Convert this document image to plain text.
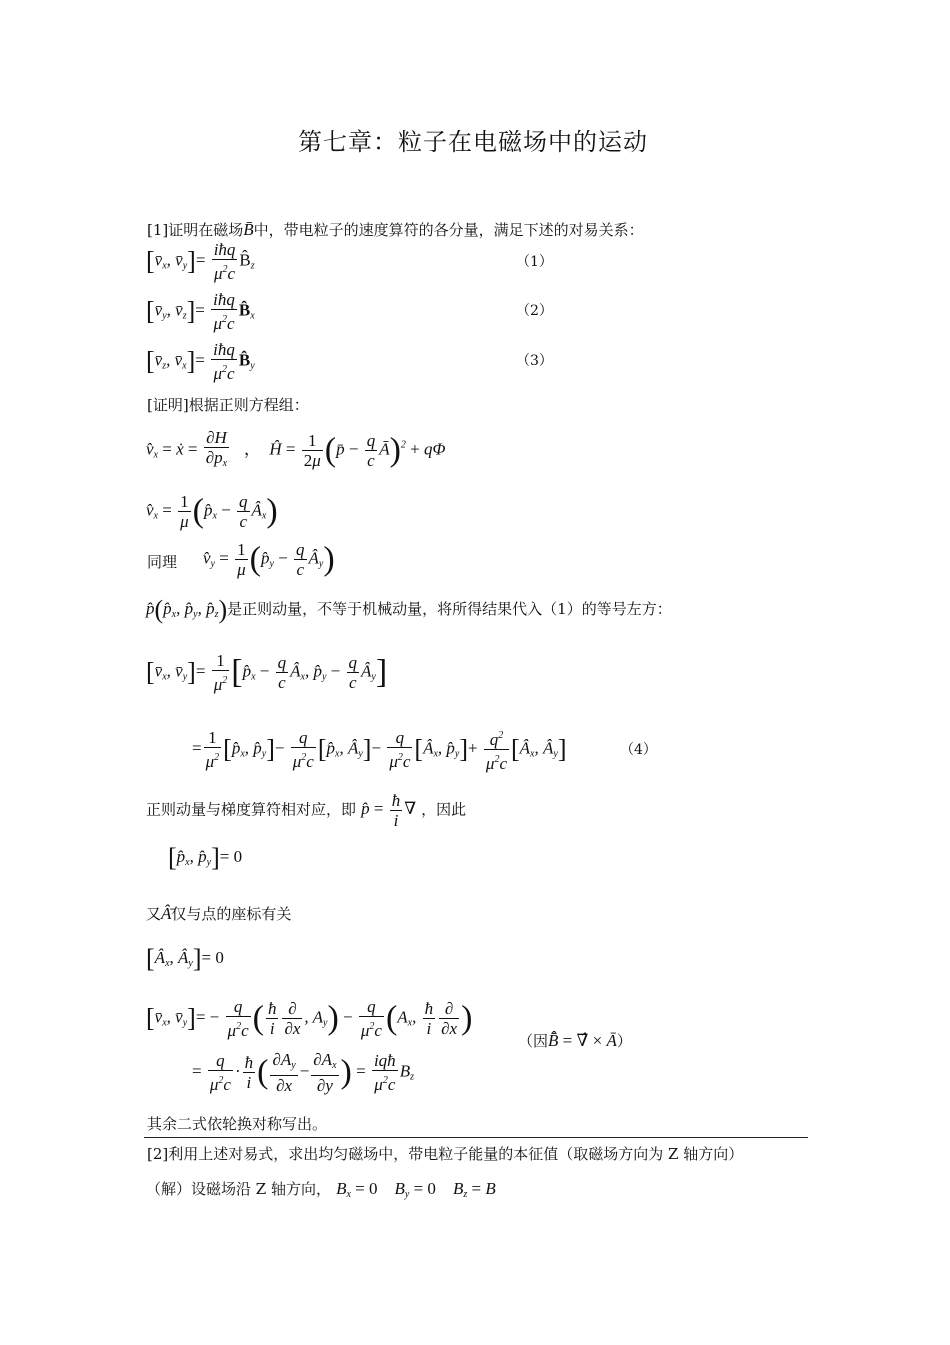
第七章：粒子在电磁场中的运动
[1]证明在磁场B̄中，带电粒子的速度算符的各分量，满足下述的对易关系：
[$v̄_x$, $v̄_y]= \frac{\text{iħq}}{\mu^2c}$ $B̂_z$	（1）
[$v̄_y$, $v̄_z]= \frac{\text{iħq}}{\mu^2c}$ $B̂_x$	（2）
[$v̄_z$, $v̄_x]= \frac{\text{iħq}}{\mu^2c}$ $B̂_y$	（3）
[证明]根据正则方程组：
$v̂_x$ = ẋ = $\frac{\partial H}{\partial p_x}$ ，  Ĥ = $\frac{1}{2\mu}$ (p̄ − $\frac{q}{c}$ Ā)$^2$ + qΦ
$v̂_x = \frac{1}{\mu}$ ($p̂_x - \frac{q}{c}$ $Â_x$)
同理 $v̂_y = \frac{1}{\mu}$ ($p̂_y - \frac{q}{c}$ $Â_y$)
$p̂(p̂_x$, $p̂_y$, $p̂_z$)是正则动量，不等于机械动量，将所得结果代入（1）的等号左方：
[$v̄_x$, $v̄_y]= \frac{1}{\mu^2}$ [$p̂_x - \frac{q}{c}$ $Â_x$, $p̂_y - \frac{q}{c}$ $Â_y$]
= $\frac{1}{\mu^2}$ [$p̂_x$, $p̂_y]- \frac{q}{\mu^2c}$ [$p̂_x$, $Â_y]- \frac{q}{\mu^2c}$ [$Â_x$, $p̂_y]+ \frac{q^2}{\mu^2c}$ [$Â_x$, $Â_y$]	（4）
正则动量与梯度算符相对应，即 p̂ = $\frac{ħ}{i}$ ∇ ，因此
[$p̂_x$, $p̂_y]= 0$
又Â̄仅与点的座标有关
[$Â_x$, $Â_y]= 0$
[$v̄_x$, $v̄_y]= - \frac{q}{\mu^2c}$ ( $\frac{ħ}{i} \frac{\partial}{\partial x}$ , $A_y) - \frac{q}{\mu^2c} (A_x$, $\frac{ħ}{i} \frac{\partial}{\partial x}$ )
（因B̂̄ = ∇̂ × Ā）
= $\frac{q}{\mu^2c} \cdot \frac{ħ}{i}$ ( $\frac{\partial A_y}{\partial x} - \frac{\partial A_x}{\partial y}$ ) = $\frac{\text{iqħ}}{\mu^2c} B_z$
其余二式依轮换对称写出。
[2]利用上述对易式，求出均匀磁场中，带电粒子能量的本征值（取磁场方向为 Z 轴方向）
（解）设磁场沿 Z 轴方向， $B_x = 0$    $B_y = 0$    $B_z = B$
